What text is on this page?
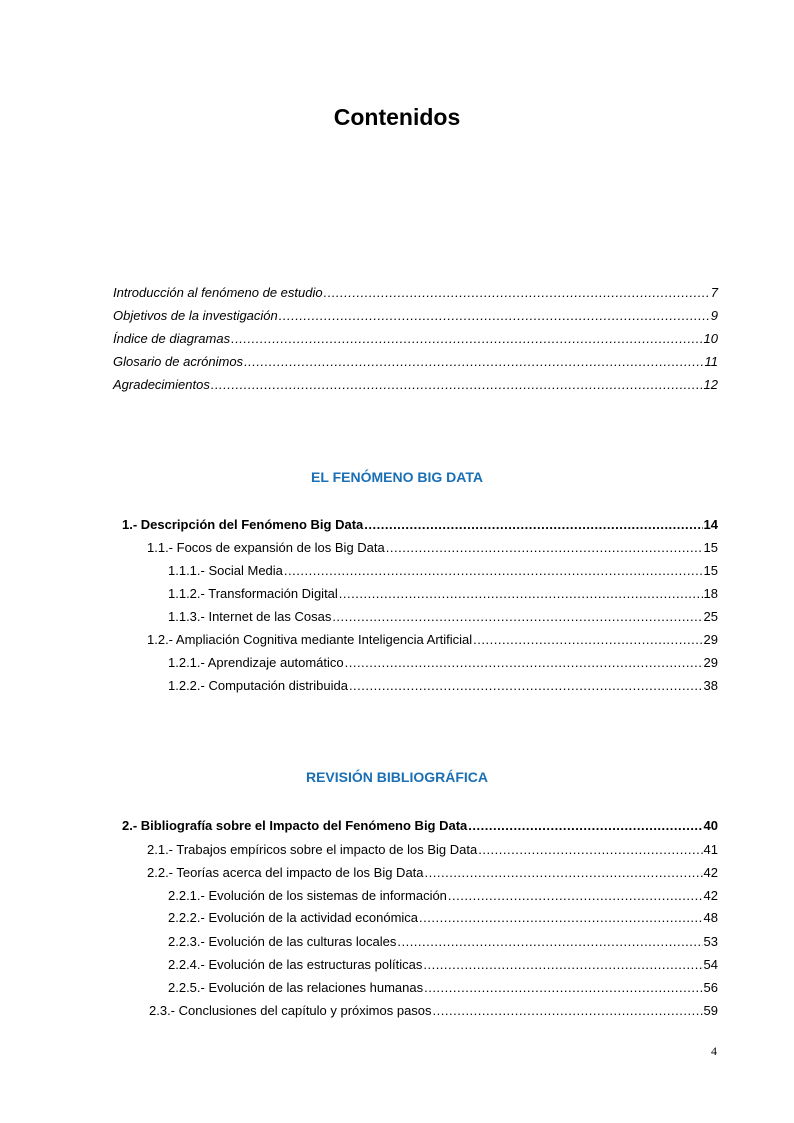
Contenidos
Introducción al fenómeno de estudio .....	7
Objetivos de la investigación .....	9
Índice de diagramas .....	10
Glosario de acrónimos .....	11
Agradecimientos .....	12
EL FENÓMENO BIG DATA
1.- Descripción del Fenómeno Big Data .....	14
1.1.- Focos de expansión de los Big Data .....	15
1.1.1.- Social Media .....	15
1.1.2.- Transformación Digital .....	18
1.1.3.- Internet de las Cosas .....	25
1.2.- Ampliación Cognitiva mediante Inteligencia Artificial .....	29
1.2.1.- Aprendizaje automático .....	29
1.2.2.- Computación distribuida .....	38
REVISIÓN BIBLIOGRÁFICA
2.- Bibliografía sobre el Impacto del Fenómeno Big Data .....	40
2.1.- Trabajos empíricos sobre el impacto de los Big Data .....	41
2.2.- Teorías acerca del impacto de los Big Data .....	42
2.2.1.- Evolución de los sistemas de información .....	42
2.2.2.- Evolución de la actividad económica .....	48
2.2.3.- Evolución de las culturas locales .....	53
2.2.4.- Evolución de las estructuras políticas .....	54
2.2.5.- Evolución de las relaciones humanas .....	56
2.3.- Conclusiones del capítulo y próximos pasos .....	59
4
